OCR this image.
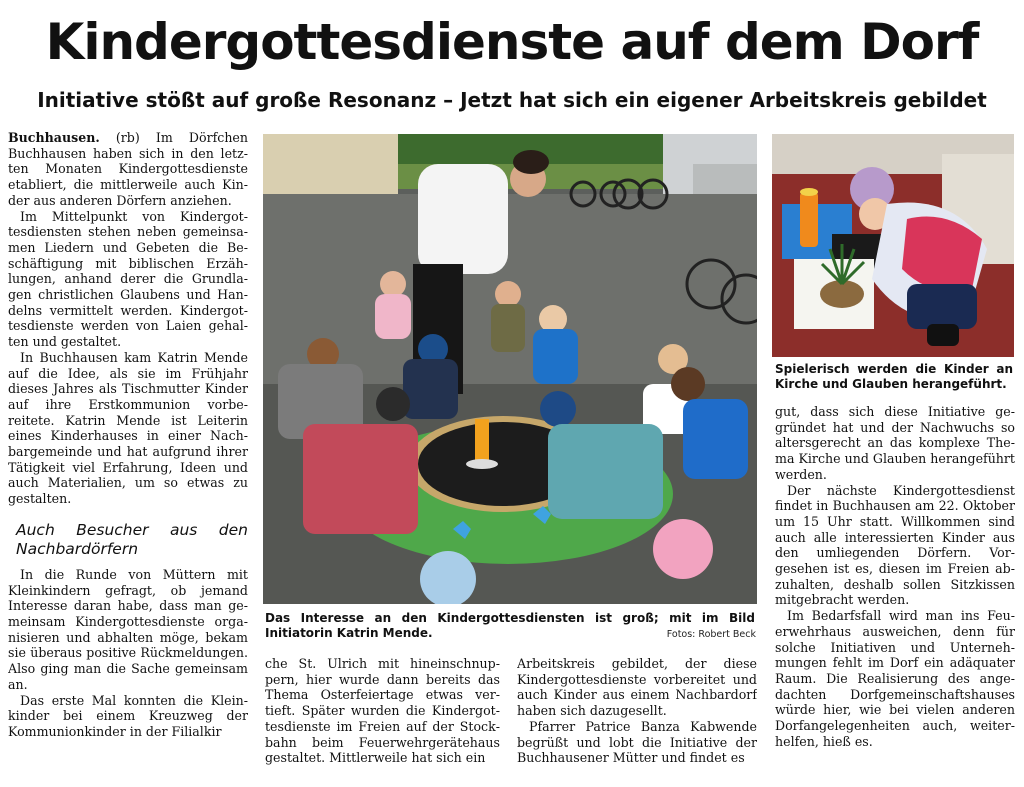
Kindergottesdienste auf dem Dorf
Initiative stößt auf große Resonanz – Jetzt hat sich ein eigener Arbeitskreis gebildet

Buchhausen. (rb) Im Dörfchen Buchhausen haben sich in den letzten Monaten Kindergottesdienste etabliert, die mittlerweile auch Kinder aus anderen Dörfern anziehen.

Im Mittelpunkt von Kindergottesdiensten stehen neben gemeinsamen Liedern und Gebeten die Beschäftigung mit biblischen Erzählungen, anhand derer die Grundlagen christlichen Glaubens und Handelns vermittelt werden. Kindergottesdienste werden von Laien gehalten und gestaltet.

In Buchhausen kam Katrin Mende auf die Idee, als sie im Frühjahr dieses Jahres als Tischmutter Kinder auf ihre Erstkommunion vorbereitete. Katrin Mende ist Leiterin eines Kinderhauses in einer Nachbargemeinde und hat aufgrund ihrer Tätigkeit viel Erfahrung, Ideen und auch Materialien, um so etwas zu gestalten.

Auch Besucher aus den Nachbardörfern

In die Runde von Müttern mit Kleinkindern gefragt, ob jemand Interesse daran habe, dass man gemeinsam Kindergottesdienste organisieren und abhalten möge, bekam sie überaus positive Rückmeldungen. Also ging man die Sache gemeinsam an.

Das erste Mal konnten die Kleinkinder bei einem Kreuzweg der Kommunionkinder in der Filialkir

Das Interesse an den Kindergottesdiensten ist groß; mit im Bild Initiatorin Katrin Mende.	Fotos: Robert Beck

Spielerisch werden die Kinder an Kirche und Glauben herangeführt.

che St. Ulrich mit hineinschnuppern, hier wurde dann bereits das Thema Osterfeiertage etwas vertieft. Später wurden die Kindergottesdienste im Freien auf der Stockbahn beim Feuerwehrgerätehaus gestaltet. Mittlerweile hat sich ein

Arbeitskreis gebildet, der diese Kindergottesdienste vorbereitet und auch Kinder aus einem Nachbardorf haben sich dazugesellt.

Pfarrer Patrice Banza Kabwende begrüßt und lobt die Initiative der Buchhausener Mütter und findet es

gut, dass sich diese Initiative gegründet hat und der Nachwuchs so altersgerecht an das komplexe Thema Kirche und Glauben herangeführt werden.

Der nächste Kindergottesdienst findet in Buchhausen am 22. Oktober um 15 Uhr statt. Willkommen sind auch alle interessierten Kinder aus den umliegenden Dörfern. Vorgesehen ist es, diesen im Freien abzuhalten, deshalb sollen Sitzkissen mitgebracht werden.

Im Bedarfsfall wird man ins Feuerwehrhaus ausweichen, denn für solche Initiativen und Unternehmungen fehlt im Dorf ein adäquater Raum. Die Realisierung des angedachten Dorfgemeinschaftshauses würde hier, wie bei vielen anderen Dorfangelegenheiten auch, weiterhelfen, hieß es.
